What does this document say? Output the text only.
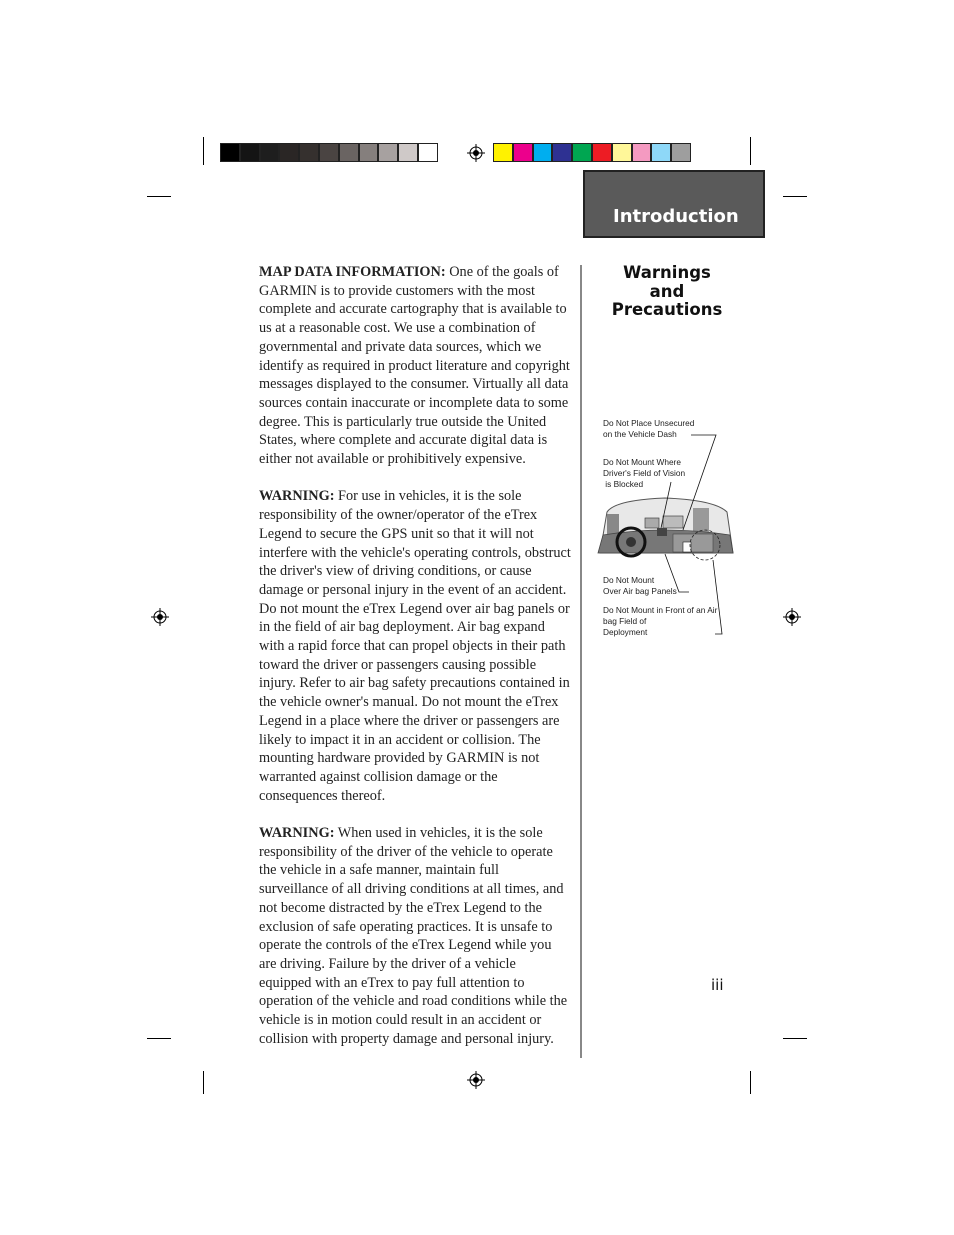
Introduction

MAP DATA INFORMATION: One of the goals of GARMIN is to provide customers with the most complete and accurate cartography that is available to us at a reasonable cost. We use a combination of governmental and private data sources, which we identify as required in product literature and copyright messages displayed to the consumer. Virtually all data sources contain inaccurate or incomplete data to some degree. This is particularly true outside the United States, where complete and accurate digital data is either not available or prohibitively expensive.

WARNING: For use in vehicles, it is the sole responsibility of the owner/operator of the eTrex Legend to secure the GPS unit so that it will not interfere with the vehicle's operating controls, obstruct the driver's view of driving conditions, or cause damage or personal injury in the event of an accident. Do not mount the eTrex Legend over air bag panels or in the field of air bag deployment. Air bag expand with a rapid force that can propel objects in their path toward the driver or passengers causing possible injury. Refer to air bag safety precautions contained in the vehicle owner's manual. Do not mount the eTrex Legend in a place where the driver or passengers are likely to impact it in an accident or collision. The mounting hardware provided by GARMIN is not warranted against collision damage or the consequences thereof.

WARNING: When used in vehicles, it is the sole responsibility of the driver of the vehicle to operate the vehicle in a safe manner, maintain full surveillance of all driving conditions at all times, and not become distracted by the eTrex Legend to the exclusion of safe operating practices. It is unsafe to operate the controls of the eTrex Legend while you are driving. Failure by the driver of a vehicle equipped with an eTrex to pay full attention to operation of the vehicle and road conditions while the vehicle is in motion could result in an accident or collision with property damage and personal injury.

Warnings
and
Precautions
Do Not Place Unsecured
on the Vehicle Dash
Do Not Mount Where
Driver's Field of Vision
is Blocked
Do Not Mount
Over Air bag Panels
Do Not Mount in Front of an Air
bag Field of
Deployment
iii
